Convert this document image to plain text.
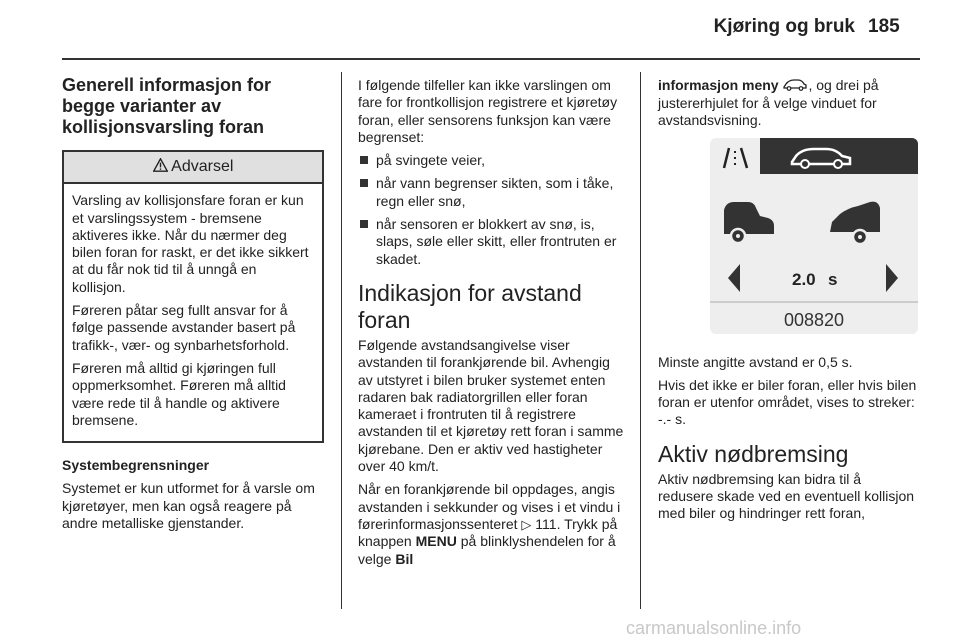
Kjøring og bruk 185
Generell informasjon for begge varianter av kollisjonsvarsling foran
Advarsel

Varsling av kollisjonsfare foran er kun et varslingssystem - bremsene aktiveres ikke. Når du nærmer deg bilen foran for raskt, er det ikke sikkert at du får nok tid til å unngå en kollisjon.

Føreren påtar seg fullt ansvar for å følge passende avstander basert på trafikk-, vær- og synbarhetsforhold.

Føreren må alltid gi kjøringen full oppmerksomhet. Føreren må alltid være rede til å handle og aktivere bremsene.

Systembegrensninger

Systemet er kun utformet for å varsle om kjøretøyer, men kan også reagere på andre metalliske gjenstander.

I følgende tilfeller kan ikke varslingen om fare for frontkollisjon registrere et kjøretøy foran, eller sensorens funksjon kan være begrenset:

på svingete veier,
når vann begrenser sikten, som i tåke, regn eller snø,
når sensoren er blokkert av snø, is, slaps, søle eller skitt, eller frontruten er skadet.
Indikasjon for avstand foran

Følgende avstandsangivelse viser avstanden til forankjørende bil. Avhengig av utstyret i bilen bruker systemet enten radaren bak radiatorgrillen eller foran kameraet i frontruten til å registrere avstanden til et kjøretøy rett foran i samme kjørebane. Den er aktiv ved hastigheter over 40 km/t.

Når en forankjørende bil oppdages, angis avstanden i sekkunder og vises i et vindu i førerinformasjonssenteret ▷ 111. Trykk på knappen MENU på blinklyshendelen for å velge Bil

informasjon meny , og drei på justererhjulet for å velge vinduet for avstandsvisning.

2.0 s
008820

Minste angitte avstand er 0,5 s.

Hvis det ikke er biler foran, eller hvis bilen foran er utenfor området, vises to streker: -.- s.

Aktiv nødbremsing

Aktiv nødbremsing kan bidra til å redusere skade ved en eventuell kollisjon med biler og hindringer rett foran,

carmanualsonline.info
